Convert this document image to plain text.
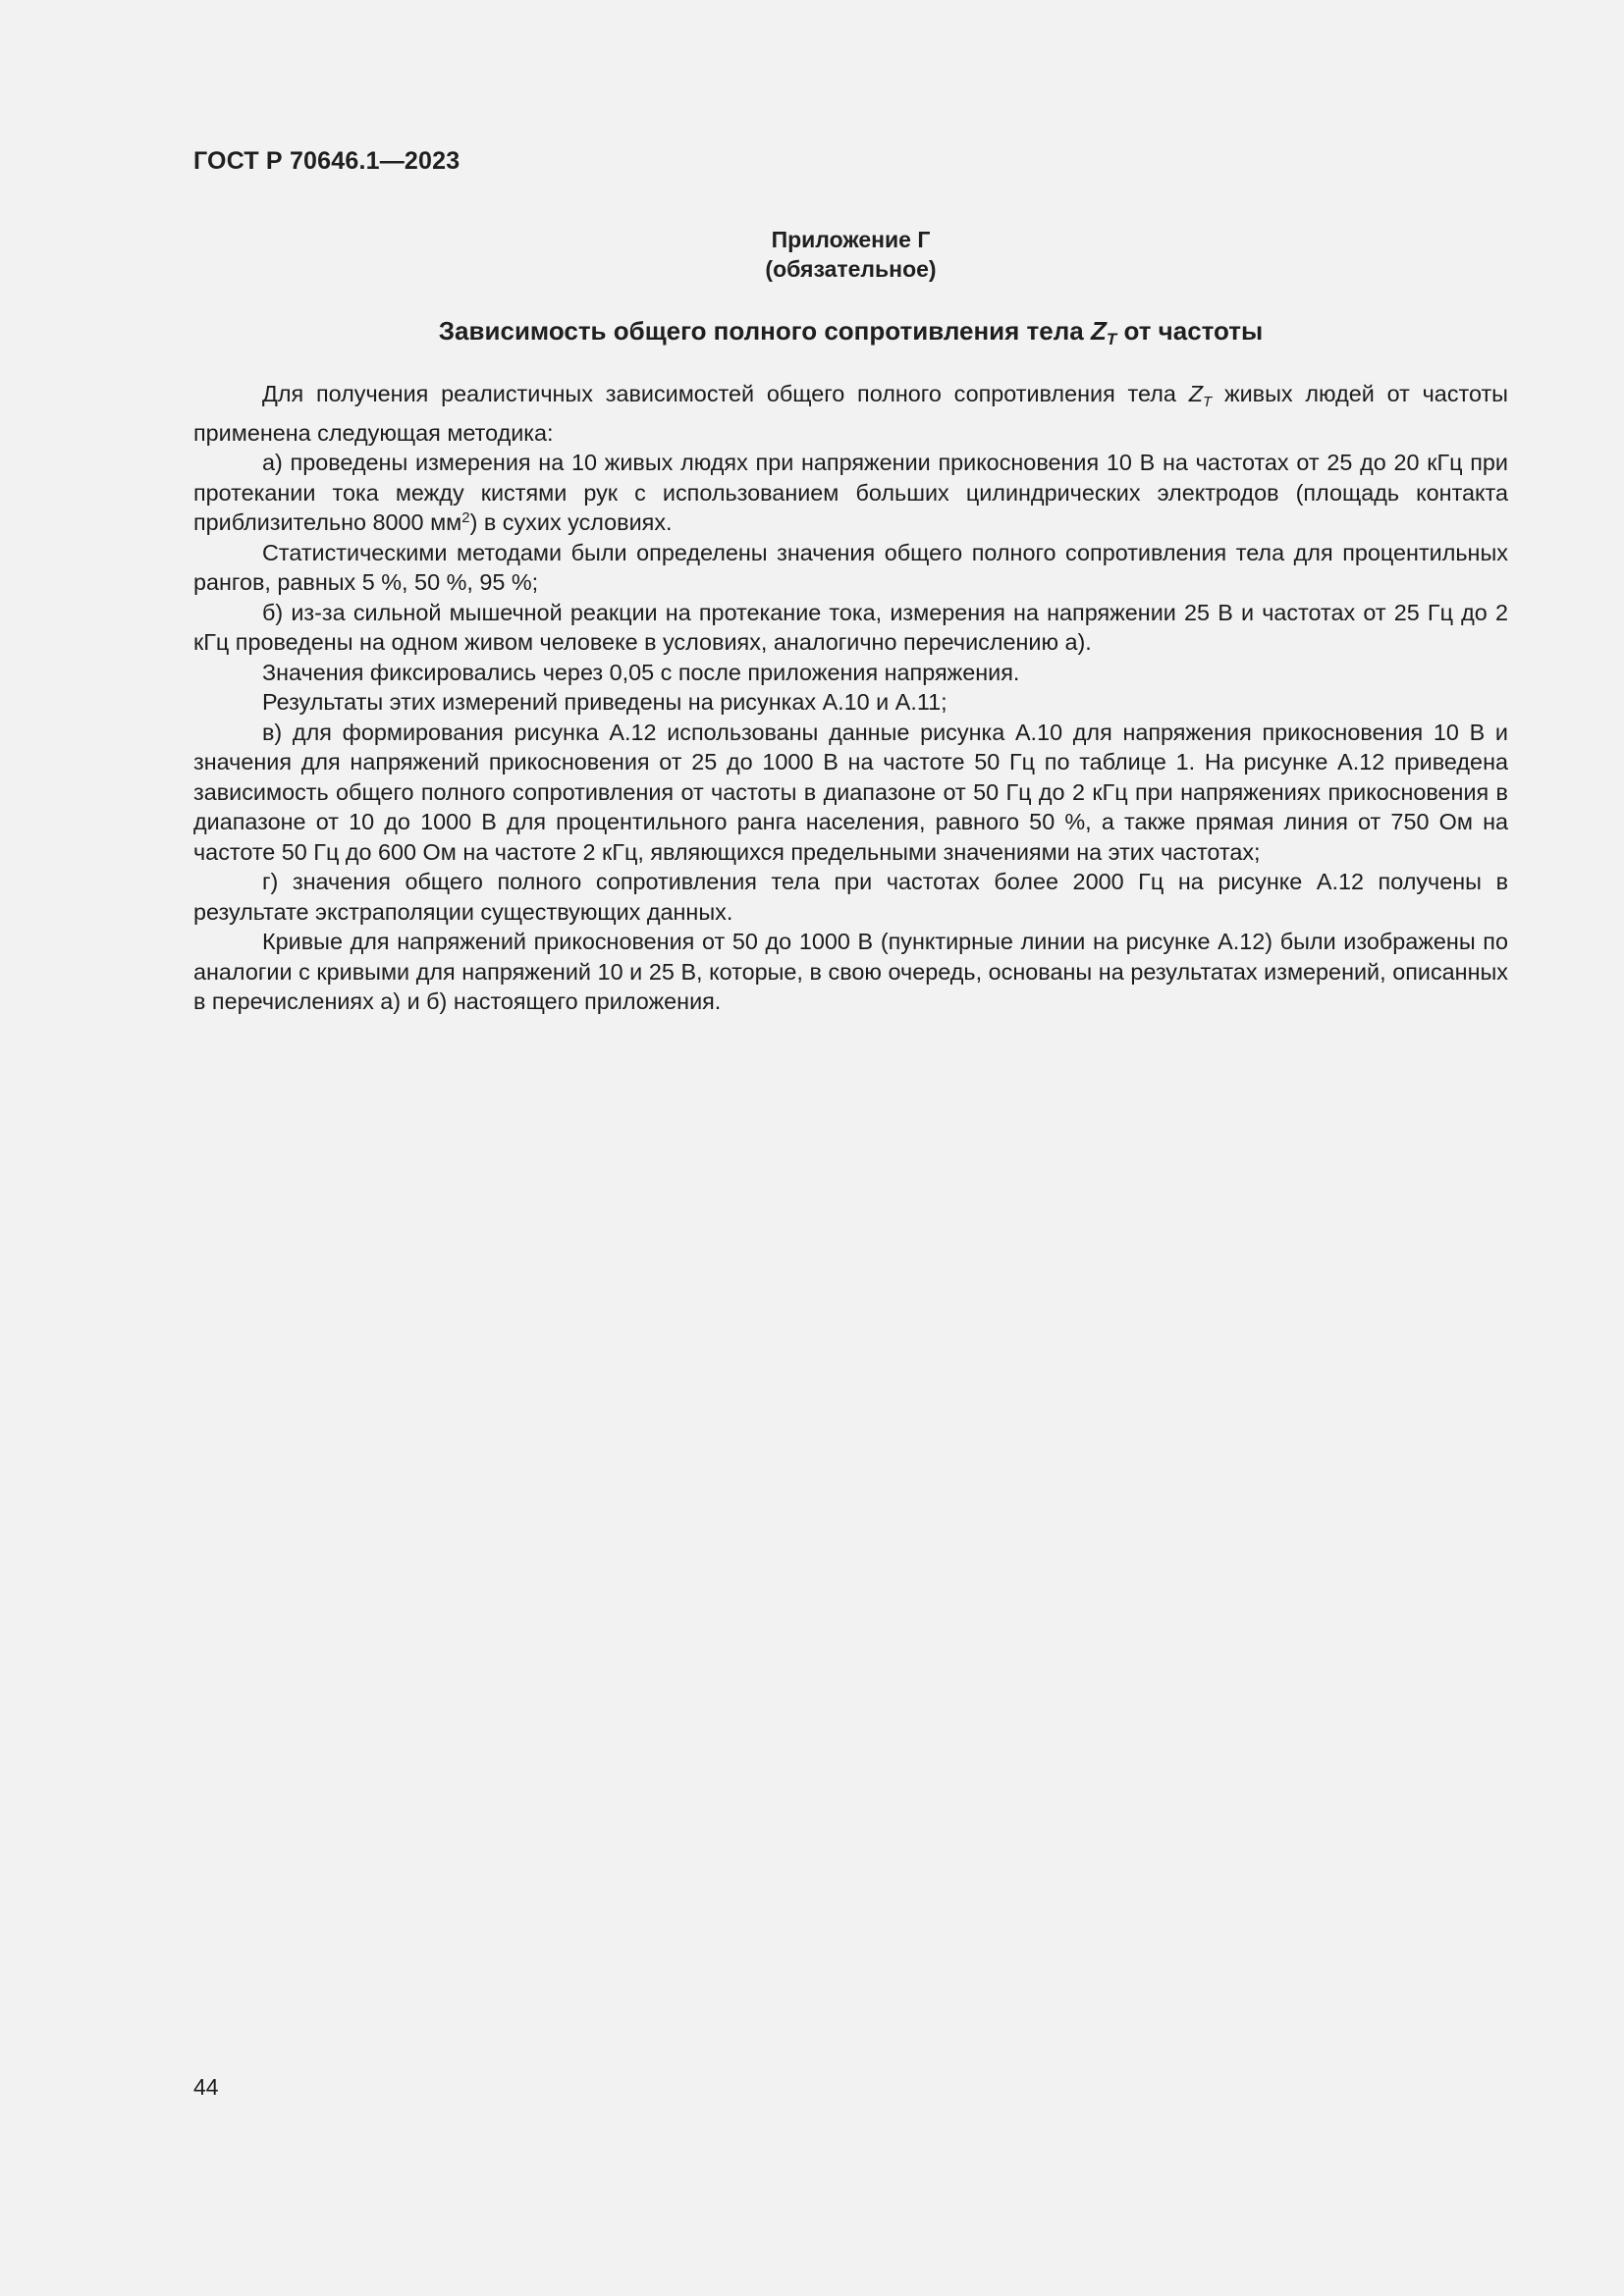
ГОСТ Р 70646.1—2023
Приложение Г
(обязательное)
Зависимость общего полного сопротивления тела $Z_T$ от частоты

Для получения реалистичных зависимостей общего полного сопротивления тела $Z_T$ живых людей от частоты применена следующая методика:

а) проведены измерения на 10 живых людях при напряжении прикосновения 10 В на частотах от 25 до 20 кГц при протекании тока между кистями рук с использованием больших цилиндрических электродов (площадь контакта приблизительно 8000 $мм^2$) в сухих условиях.

Статистическими методами были определены значения общего полного сопротивления тела для процентильных рангов, равных 5 %, 50 %, 95 %;

б) из-за сильной мышечной реакции на протекание тока, измерения на напряжении 25 В и частотах от 25 Гц до 2 кГц проведены на одном живом человеке в условиях, аналогично перечислению а).

Значения фиксировались через 0,05 с после приложения напряжения.

Результаты этих измерений приведены на рисунках А.10 и А.11;

в) для формирования рисунка А.12 использованы данные рисунка А.10 для напряжения прикосновения 10 В и значения для напряжений прикосновения от 25 до 1000 В на частоте 50 Гц по таблице 1. На рисунке А.12 приведена зависимость общего полного сопротивления от частоты в диапазоне от 50 Гц до 2 кГц при напряжениях прикосновения в диапазоне от 10 до 1000 В для процентильного ранга населения, равного 50 %, а также прямая линия от 750 Ом на частоте 50 Гц до 600 Ом на частоте 2 кГц, являющихся предельными значениями на этих частотах;

г) значения общего полного сопротивления тела при частотах более 2000 Гц на рисунке А.12 получены в результате экстраполяции существующих данных.

Кривые для напряжений прикосновения от 50 до 1000 В (пунктирные линии на рисунке А.12) были изображены по аналогии с кривыми для напряжений 10 и 25 В, которые, в свою очередь, основаны на результатах измерений, описанных в перечислениях а) и б) настоящего приложения.

44
